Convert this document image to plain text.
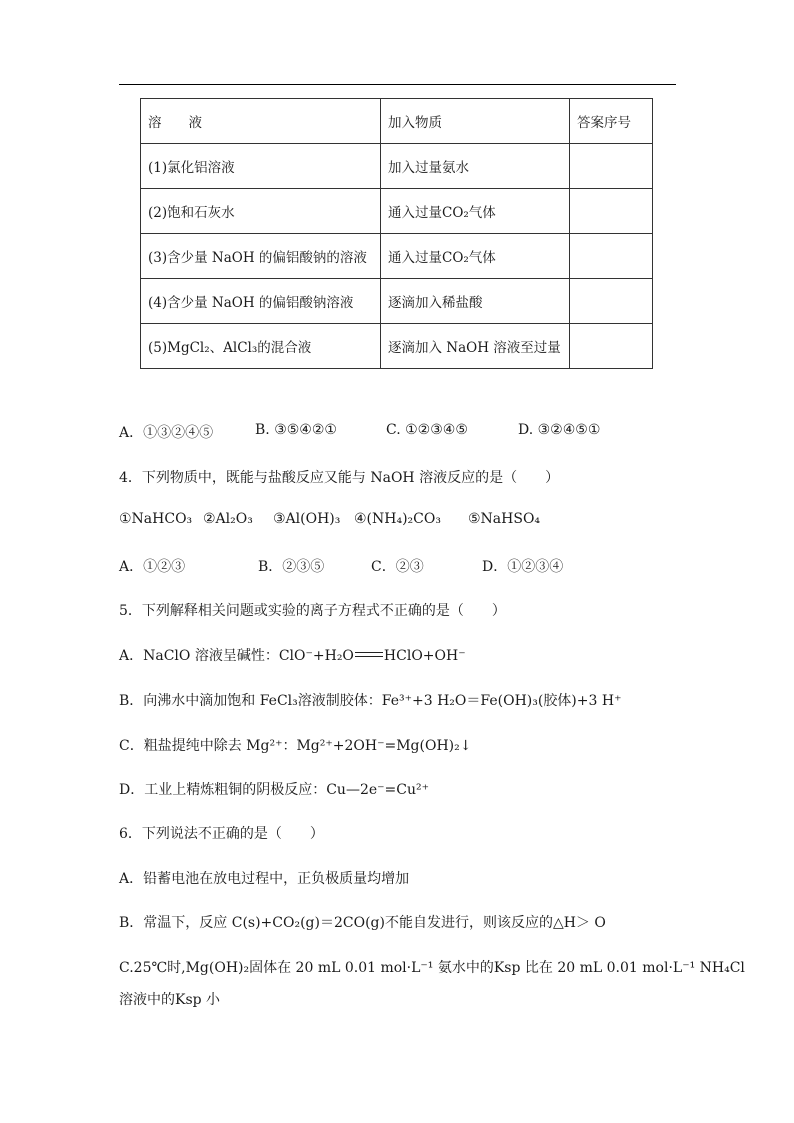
溶　　液	加入物质	答案序号
(1)氯化铝溶液	加入过量氨水	
(2)饱和石灰水	通入过量CO₂气体	
(3)含少量 NaOH 的偏铝酸钠的溶液	通入过量CO₂气体	
(4)含少量 NaOH 的偏铝酸钠溶液	逐滴加入稀盐酸	
(5)MgCl₂、AlCl₃的混合液	逐滴加入 NaOH 溶液至过量	
A．①③②④⑤	B. ③⑤④②①	C. ①②③④⑤	D. ③②④⑤①
4．下列物质中，既能与盐酸反应又能与 NaOH 溶液反应的是（　　）
①NaHCO₃ ②Al₂O₃ ③Al(OH)₃ ④(NH₄)₂CO₃ ⑤NaHSO₄
A．①②③	B．②③⑤	C．②③	D．①②③④
5．下列解释相关问题或实验的离子方程式不正确的是（　　）
A．NaClO 溶液呈碱性：ClO⁻+H₂O HClO+OH⁻
B．向沸水中滴加饱和 FeCl₃溶液制胶体：Fe³⁺+3 H₂O＝Fe(OH)₃(胶体)+3 H⁺
C．粗盐提纯中除去 Mg²⁺：Mg²⁺+2OH⁻=Mg(OH)₂↓
D．工业上精炼粗铜的阴极反应：Cu—2e⁻=Cu²⁺
6．下列说法不正确的是（　　）
A．铅蓄电池在放电过程中，正负极质量均增加
B．常温下，反应 C(s)+CO₂(g)＝2CO(g)不能自发进行，则该反应的△H＞ O
C.25℃时,Mg(OH)₂固体在 20 mL 0.01 mol·L⁻¹ 氨水中的Ksp 比在 20 mL 0.01 mol·L⁻¹ NH₄Cl
溶液中的Ksp 小
